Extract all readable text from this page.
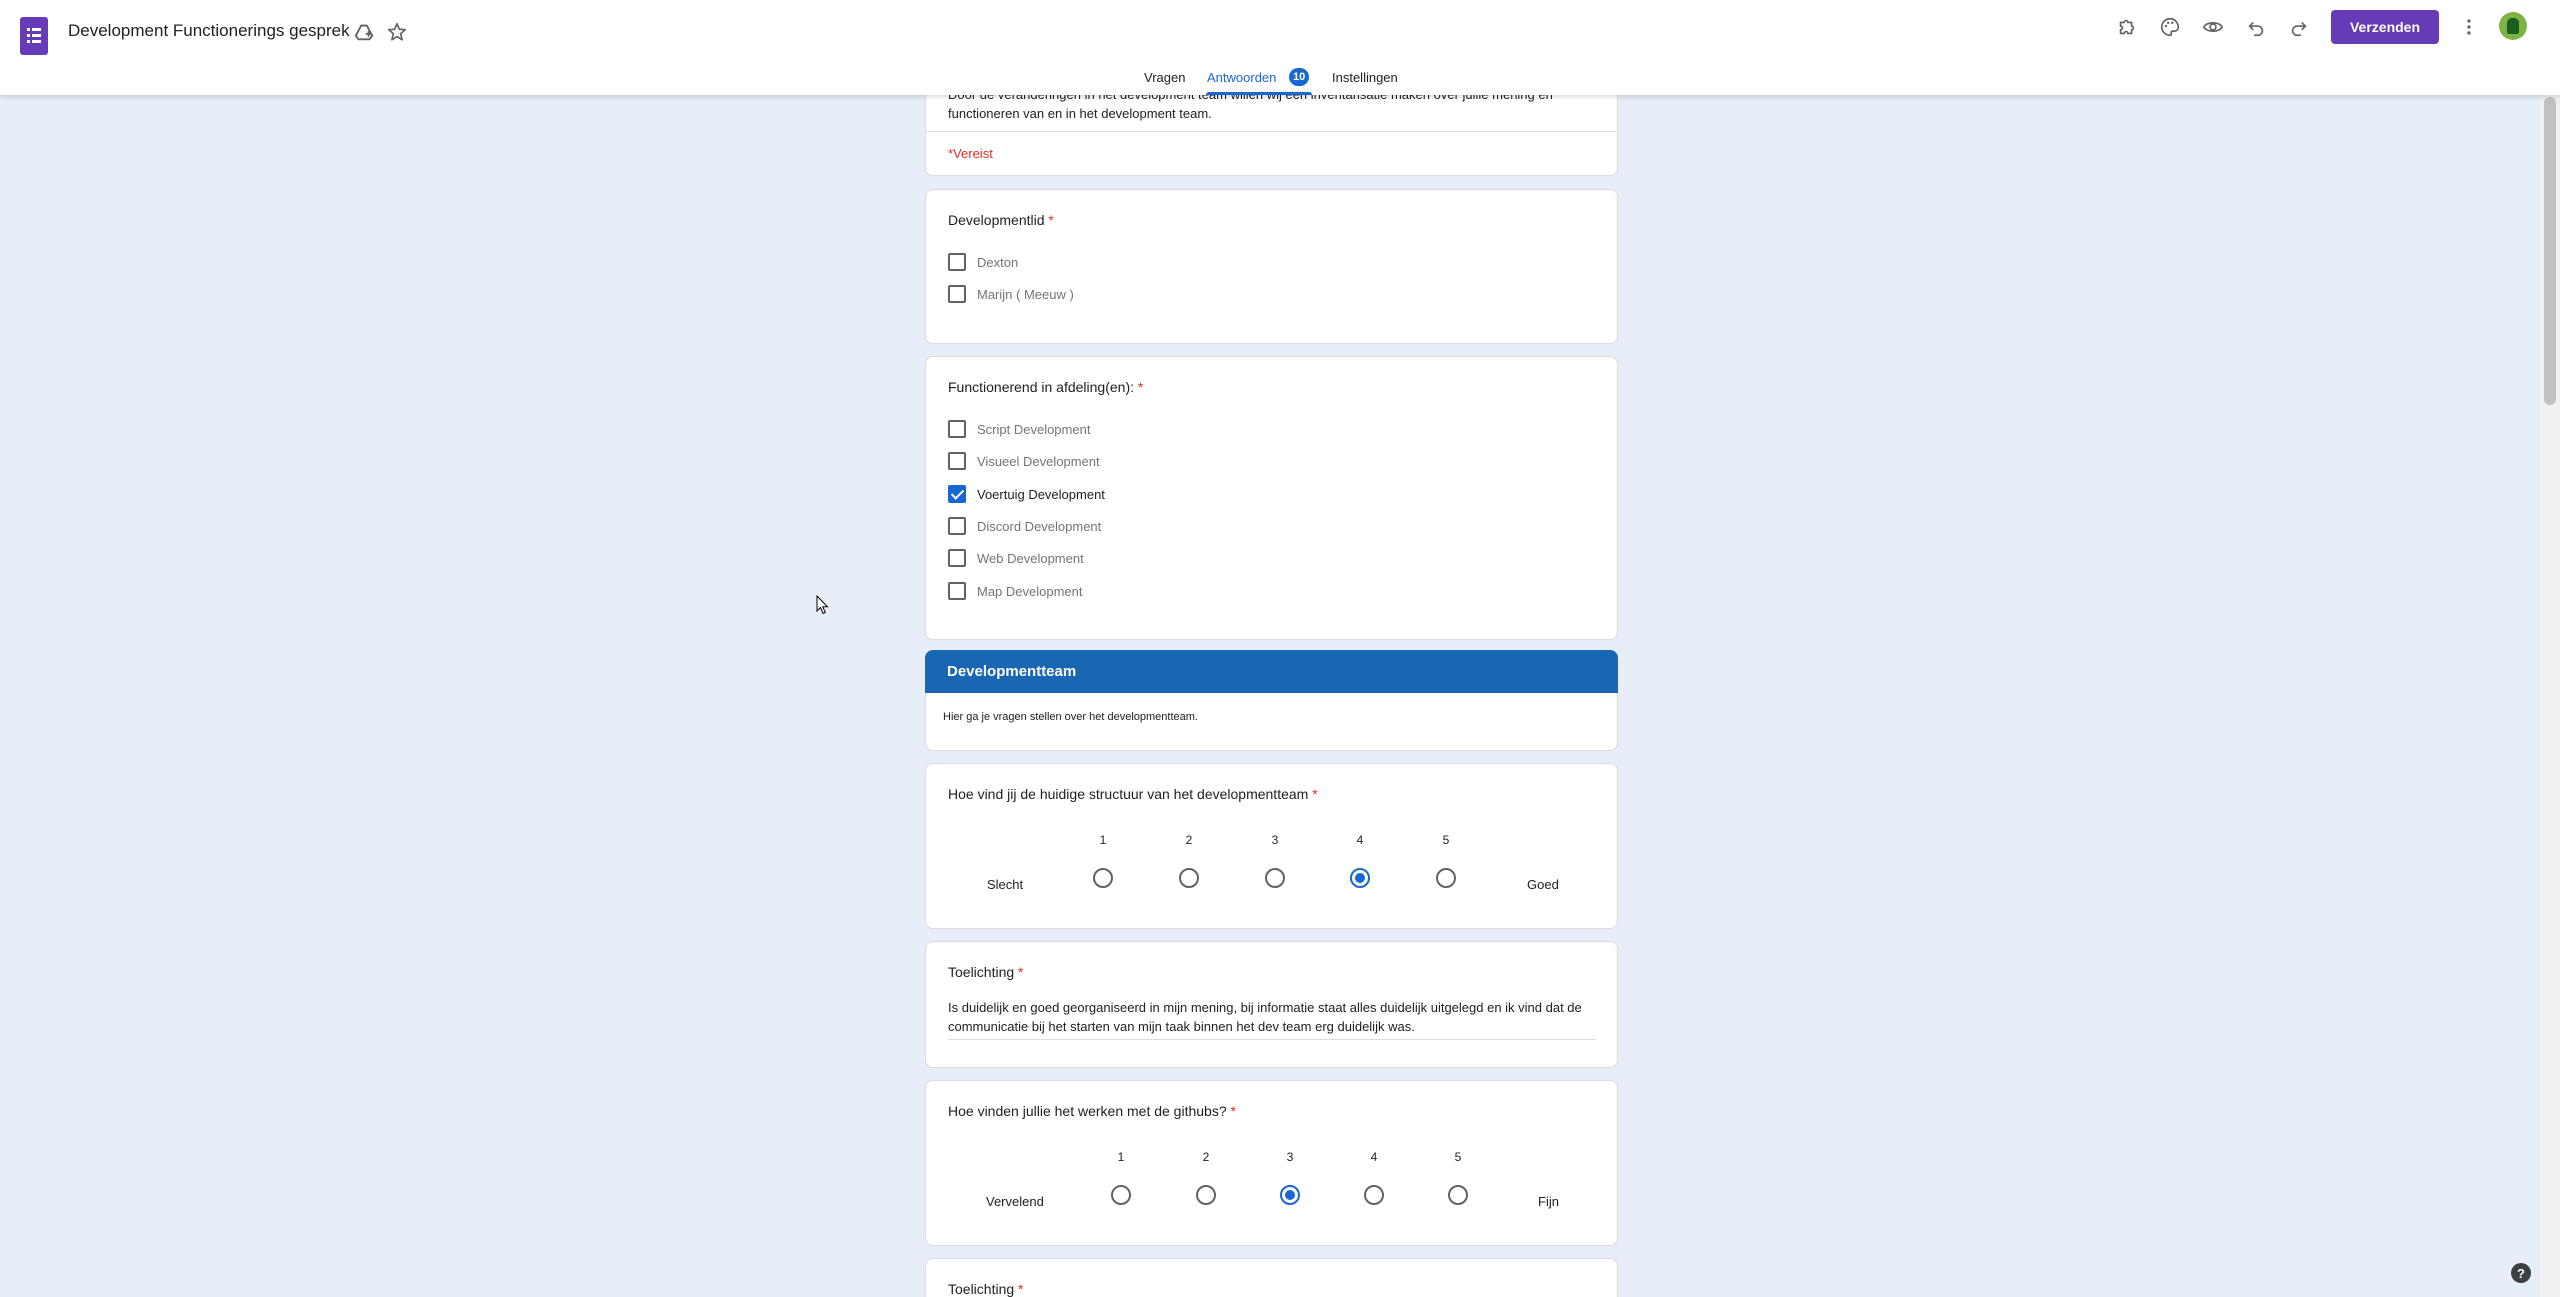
Development Functionerings gesprek	Verzenden
Vragen Antwoorden	10	Instellingen
functioneren van en in het development team.
*Vereist
Developmentlid *
Dexton
Marijn ( Meeuw )
Functionerend in afdeling(en): *
Script Development
Visueel Development
Voertuig Development
Discord Development
Web Development
Map Development
Developmentteam
Hier ga je vragen stellen over het developmentteam.
Hoe vind jij de huidige structuur van het developmentteam *
Slecht
1	2	3	4	5
Goed
Toelichting *
Is duidelijk en goed georganiseerd in mijn mening, bij informatie staat alles duidelijk uitgelegd en ik vind dat de
communicatie bij het starten van mijn taak binnen het dev team erg duidelijk was.
Hoe vinden jullie het werken met de githubs? *
Vervelend
1	2	3	4	5
Fijn
Toelichting *
?
